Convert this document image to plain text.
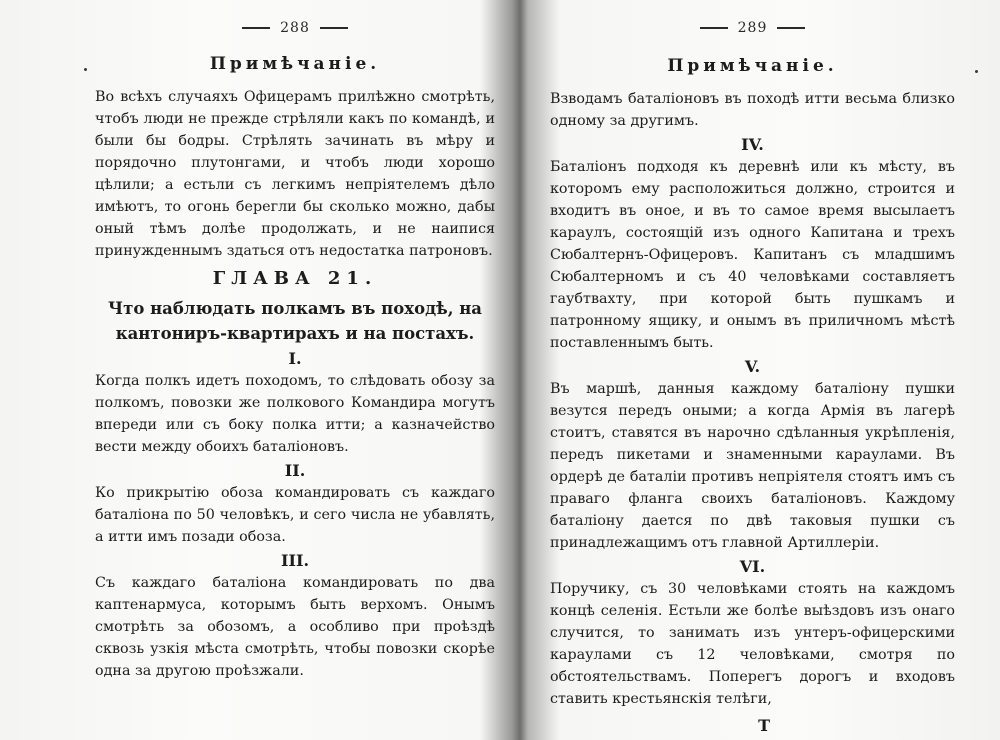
288

Примѣчаніе.

Во всѣхъ случаяхъ Офицерамъ прилѣжно смотрѣть, чтобъ люди не прежде стрѣляли какъ по командѣ, и были бы бодры. Стрѣлять зачинать въ мѣру и порядочно плутонгами, и чтобъ люди хорошо цѣлили; а естьли съ легкимъ непріятелемъ дѣло имѣютъ, то огонь берегли бы сколько можно, дабы оный тѣмъ долѣе продолжать, и не наипися принужденнымъ здаться отъ недостатка патроновъ.

ГЛАВА 21.

Что наблюдать полкамъ въ походѣ, на кантониръ-квартирахъ и на постахъ.

I.

Когда полкъ идетъ походомъ, то слѣдовать обозу за полкомъ, повозки же полкового Командира могутъ впереди или съ боку полка итти; а казначейство вести между обоихъ баталіоновъ.

II.

Ко прикрытію обоза командировать съ каждаго баталіона по 50 человѣкъ, и сего числа не убавлять, а итти имъ позади обоза.

III.

Съ каждаго баталіона командировать по два каптенармуса, которымъ быть верхомъ. Онымъ смотрѣть за обозомъ, а особливо при проѣздѣ сквозь узкія мѣста смотрѣть, чтобы повозки скорѣе одна за другою проѣзжали.

289

Примѣчаніе.

Взводамъ баталіоновъ въ походѣ итти весьма близко одному за другимъ.

IV.

Баталіонъ подходя къ деревнѣ или къ мѣсту, въ которомъ ему расположиться должно, строится и входитъ въ оное, и въ то самое время высылаетъ караулъ, состоящій изъ одного Капитана и трехъ Сюбалтернъ-Офицеровъ. Капитанъ съ младшимъ Сюбалтерномъ и съ 40 человѣками составляетъ гаубтвахту, при которой быть пушкамъ и патронному ящику, и онымъ въ приличномъ мѣстѣ поставленнымъ быть.

V.

Въ маршѣ, данныя каждому баталіону пушки везутся передъ оными; а когда Армія въ лагерѣ стоитъ, ставятся въ нарочно сдѣланныя укрѣпленія, передъ пикетами и знаменными караулами. Въ ордерѣ де баталіи противъ непріятеля стоятъ имъ съ праваго фланга своихъ баталіоновъ. Каждому баталіону дается по двѣ таковыя пушки съ принадлежащимъ отъ главной Артиллеріи.

VI.

Поручику, съ 30 человѣками стоять на каждомъ концѣ селенія. Естьли же болѣе выѣздовъ изъ онаго случится, то занимать изъ унтеръ-офицерскими караулами съ 12 человѣками, смотря по обстоятельствамъ. Поперегъ дорогъ и входовъ ставить крестьянскія телѣги,

Т
